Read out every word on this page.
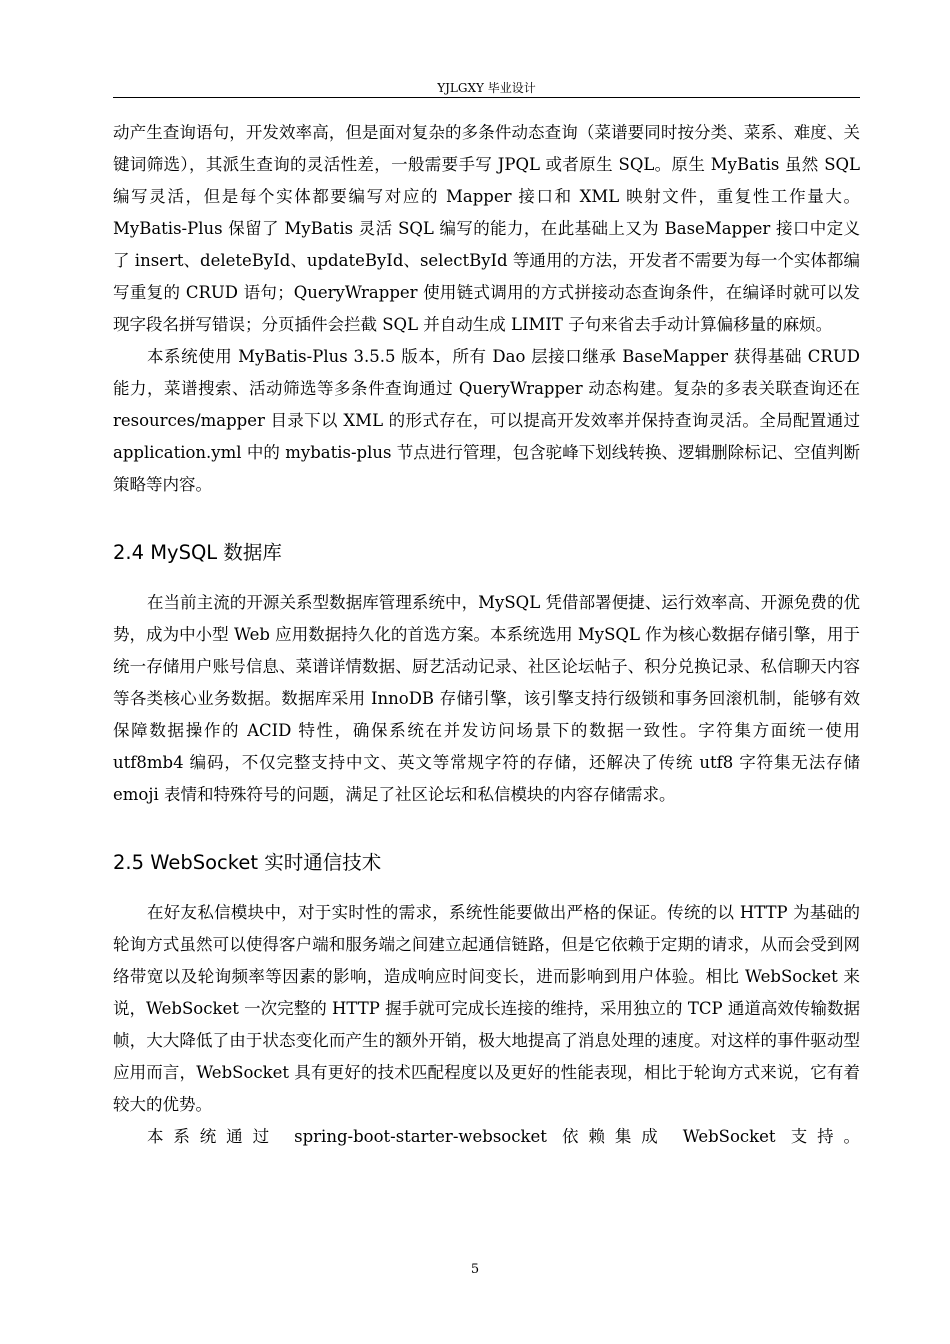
YJLGXY 毕业设计

动产生查询语句，开发效率高，但是面对复杂的多条件动态查询（菜谱要同时按分类、菜系、难度、关键词筛选），其派生查询的灵活性差，一般需要手写 JPQL 或者原生 SQL。原生 MyBatis 虽然 SQL 编写灵活，但是每个实体都要编写对应的 Mapper 接口和 XML 映射文件，重复性工作量大。MyBatis-Plus 保留了 MyBatis 灵活 SQL 编写的能力，在此基础上又为 BaseMapper 接口中定义了 insert、deleteById、updateById、selectById 等通用的方法，开发者不需要为每一个实体都编写重复的 CRUD 语句；QueryWrapper 使用链式调用的方式拼接动态查询条件，在编译时就可以发现字段名拼写错误；分页插件会拦截 SQL 并自动生成 LIMIT 子句来省去手动计算偏移量的麻烦。

本系统使用 MyBatis-Plus 3.5.5 版本，所有 Dao 层接口继承 BaseMapper 获得基础 CRUD 能力，菜谱搜索、活动筛选等多条件查询通过 QueryWrapper 动态构建。复杂的多表关联查询还在 resources/mapper 目录下以 XML 的形式存在，可以提高开发效率并保持查询灵活。全局配置通过 application.yml 中的 mybatis-plus 节点进行管理，包含驼峰下划线转换、逻辑删除标记、空值判断策略等内容。

2.4 MySQL 数据库

在当前主流的开源关系型数据库管理系统中，MySQL 凭借部署便捷、运行效率高、开源免费的优势，成为中小型 Web 应用数据持久化的首选方案。本系统选用 MySQL 作为核心数据存储引擎，用于统一存储用户账号信息、菜谱详情数据、厨艺活动记录、社区论坛帖子、积分兑换记录、私信聊天内容等各类核心业务数据。数据库采用 InnoDB 存储引擎，该引擎支持行级锁和事务回滚机制，能够有效保障数据操作的 ACID 特性，确保系统在并发访问场景下的数据一致性。字符集方面统一使用 utf8mb4 编码，不仅完整支持中文、英文等常规字符的存储，还解决了传统 utf8 字符集无法存储 emoji 表情和特殊符号的问题，满足了社区论坛和私信模块的内容存储需求。

2.5 WebSocket 实时通信技术

在好友私信模块中，对于实时性的需求，系统性能要做出严格的保证。传统的以 HTTP 为基础的轮询方式虽然可以使得客户端和服务端之间建立起通信链路，但是它依赖于定期的请求，从而会受到网络带宽以及轮询频率等因素的影响，造成响应时间变长，进而影响到用户体验。相比 WebSocket 来说，WebSocket 一次完整的 HTTP 握手就可完成长连接的维持，采用独立的 TCP 通道高效传输数据帧，大大降低了由于状态变化而产生的额外开销，极大地提高了消息处理的速度。对这样的事件驱动型应用而言，WebSocket 具有更好的技术匹配程度以及更好的性能表现，相比于轮询方式来说，它有着较大的优势。

本系统通过 spring-boot-starter-websocket 依赖集成 WebSocket 支持。

5
